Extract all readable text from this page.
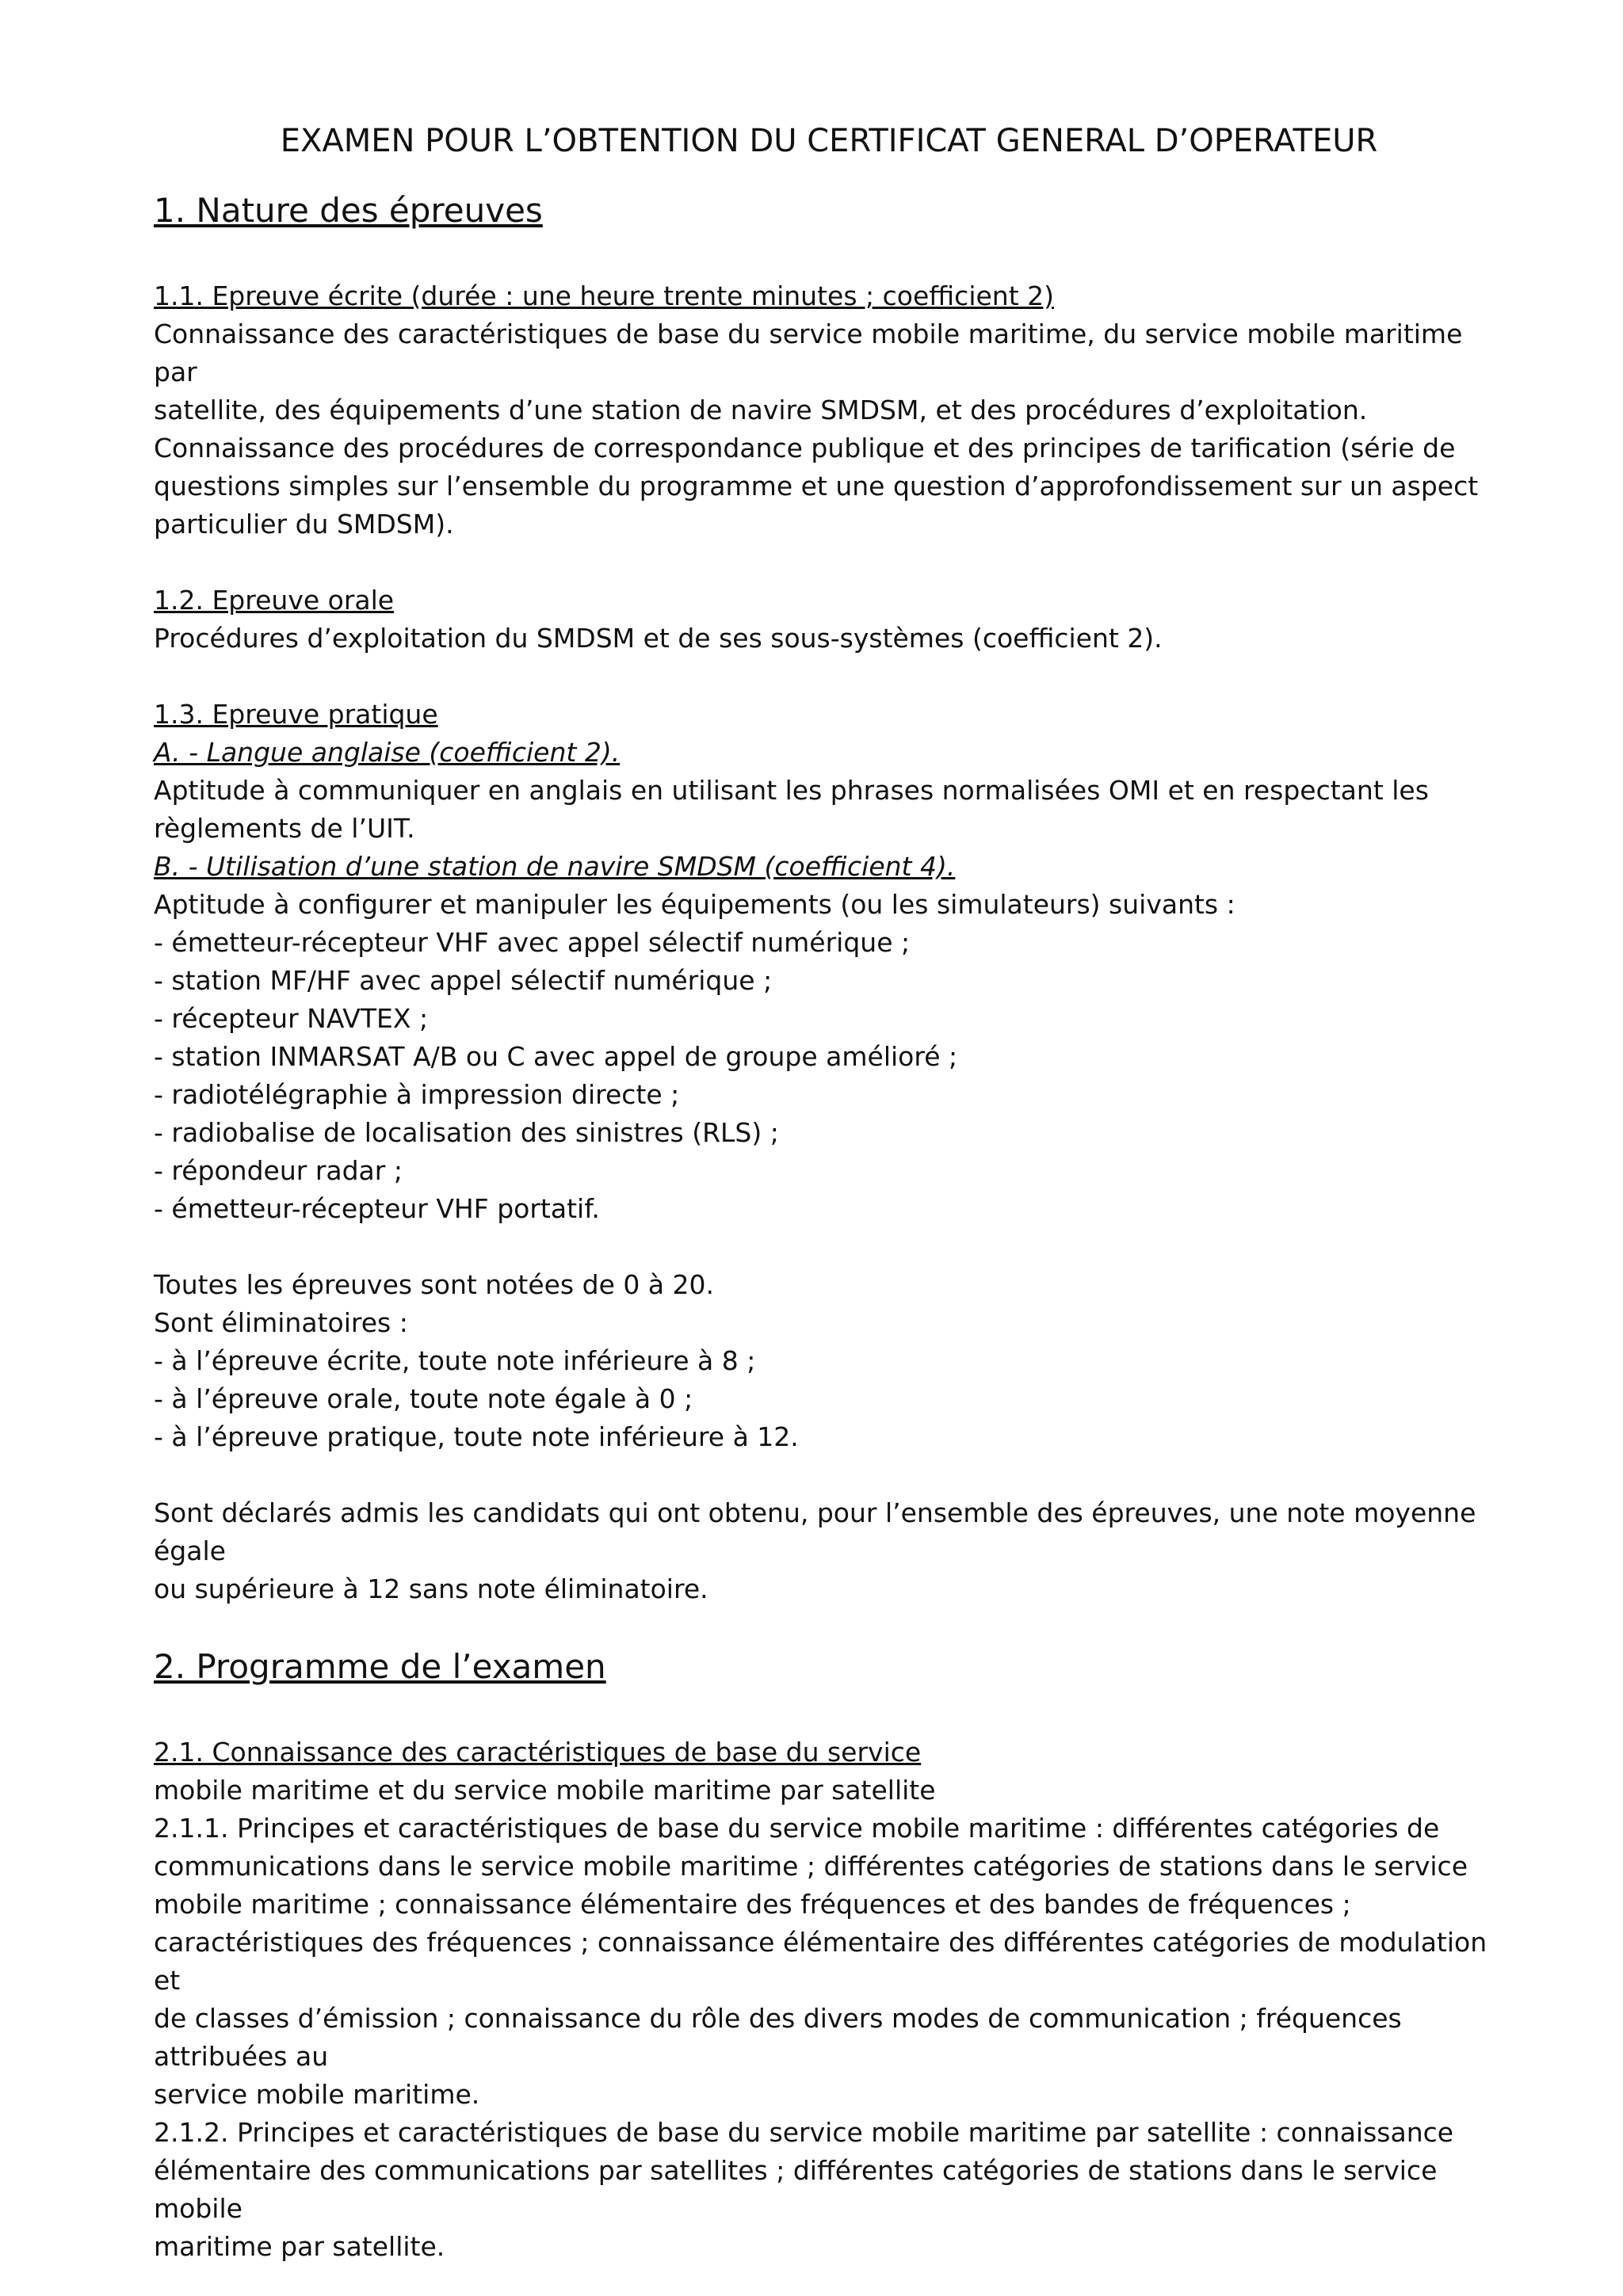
EXAMEN POUR L’OBTENTION DU CERTIFICAT GENERAL D’OPERATEUR
1. Nature des épreuves
1.1. Epreuve écrite (durée : une heure trente minutes ; coefficient 2)
Connaissance des caractéristiques de base du service mobile maritime, du service mobile maritime par
satellite, des équipements d’une station de navire SMDSM, et des procédures d’exploitation.
Connaissance des procédures de correspondance publique et des principes de tarification (série de
questions simples sur l’ensemble du programme et une question d’approfondissement sur un aspect
particulier du SMDSM).
1.2. Epreuve orale
Procédures d’exploitation du SMDSM et de ses sous-systèmes (coefficient 2).
1.3. Epreuve pratique
A. - Langue anglaise (coefficient 2).
Aptitude à communiquer en anglais en utilisant les phrases normalisées OMI et en respectant les
règlements de l’UIT.
B. - Utilisation d’une station de navire SMDSM (coefficient 4).
Aptitude à configurer et manipuler les équipements (ou les simulateurs) suivants :
- émetteur-récepteur VHF avec appel sélectif numérique ;
- station MF/HF avec appel sélectif numérique ;
- récepteur NAVTEX ;
- station INMARSAT A/B ou C avec appel de groupe amélioré ;
- radiotélégraphie à impression directe ;
- radiobalise de localisation des sinistres (RLS) ;
- répondeur radar ;
- émetteur-récepteur VHF portatif.
Toutes les épreuves sont notées de 0 à 20.
Sont éliminatoires :
- à l’épreuve écrite, toute note inférieure à 8 ;
- à l’épreuve orale, toute note égale à 0 ;
- à l’épreuve pratique, toute note inférieure à 12.
Sont déclarés admis les candidats qui ont obtenu, pour l’ensemble des épreuves, une note moyenne égale
ou supérieure à 12 sans note éliminatoire.
2. Programme de l’examen
2.1. Connaissance des caractéristiques de base du service
mobile maritime et du service mobile maritime par satellite
2.1.1. Principes et caractéristiques de base du service mobile maritime : différentes catégories de
communications dans le service mobile maritime ; différentes catégories de stations dans le service
mobile maritime ; connaissance élémentaire des fréquences et des bandes de fréquences ;
caractéristiques des fréquences ; connaissance élémentaire des différentes catégories de modulation et
de classes d’émission ; connaissance du rôle des divers modes de communication ; fréquences attribuées au
service mobile maritime.
2.1.2. Principes et caractéristiques de base du service mobile maritime par satellite : connaissance
élémentaire des communications par satellites ; différentes catégories de stations dans le service mobile
maritime par satellite.
